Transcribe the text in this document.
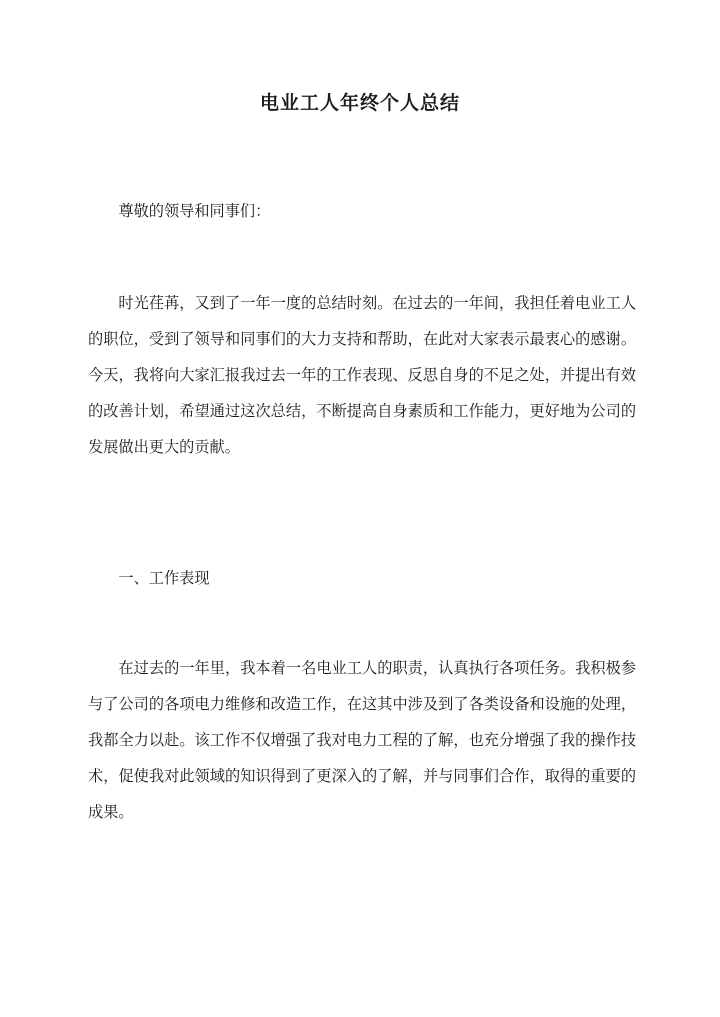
电业工人年终个人总结

尊敬的领导和同事们：

时光荏苒，又到了一年一度的总结时刻。在过去的一年间，我担任着电业工人的职位，受到了领导和同事们的大力支持和帮助，在此对大家表示最衷心的感谢。今天，我将向大家汇报我过去一年的工作表现、反思自身的不足之处，并提出有效的改善计划，希望通过这次总结，不断提高自身素质和工作能力，更好地为公司的发展做出更大的贡献。

一、工作表现

在过去的一年里，我本着一名电业工人的职责，认真执行各项任务。我积极参与了公司的各项电力维修和改造工作，在这其中涉及到了各类设备和设施的处理，我都全力以赴。该工作不仅增强了我对电力工程的了解，也充分增强了我的操作技术，促使我对此领域的知识得到了更深入的了解，并与同事们合作，取得的重要的成果。
